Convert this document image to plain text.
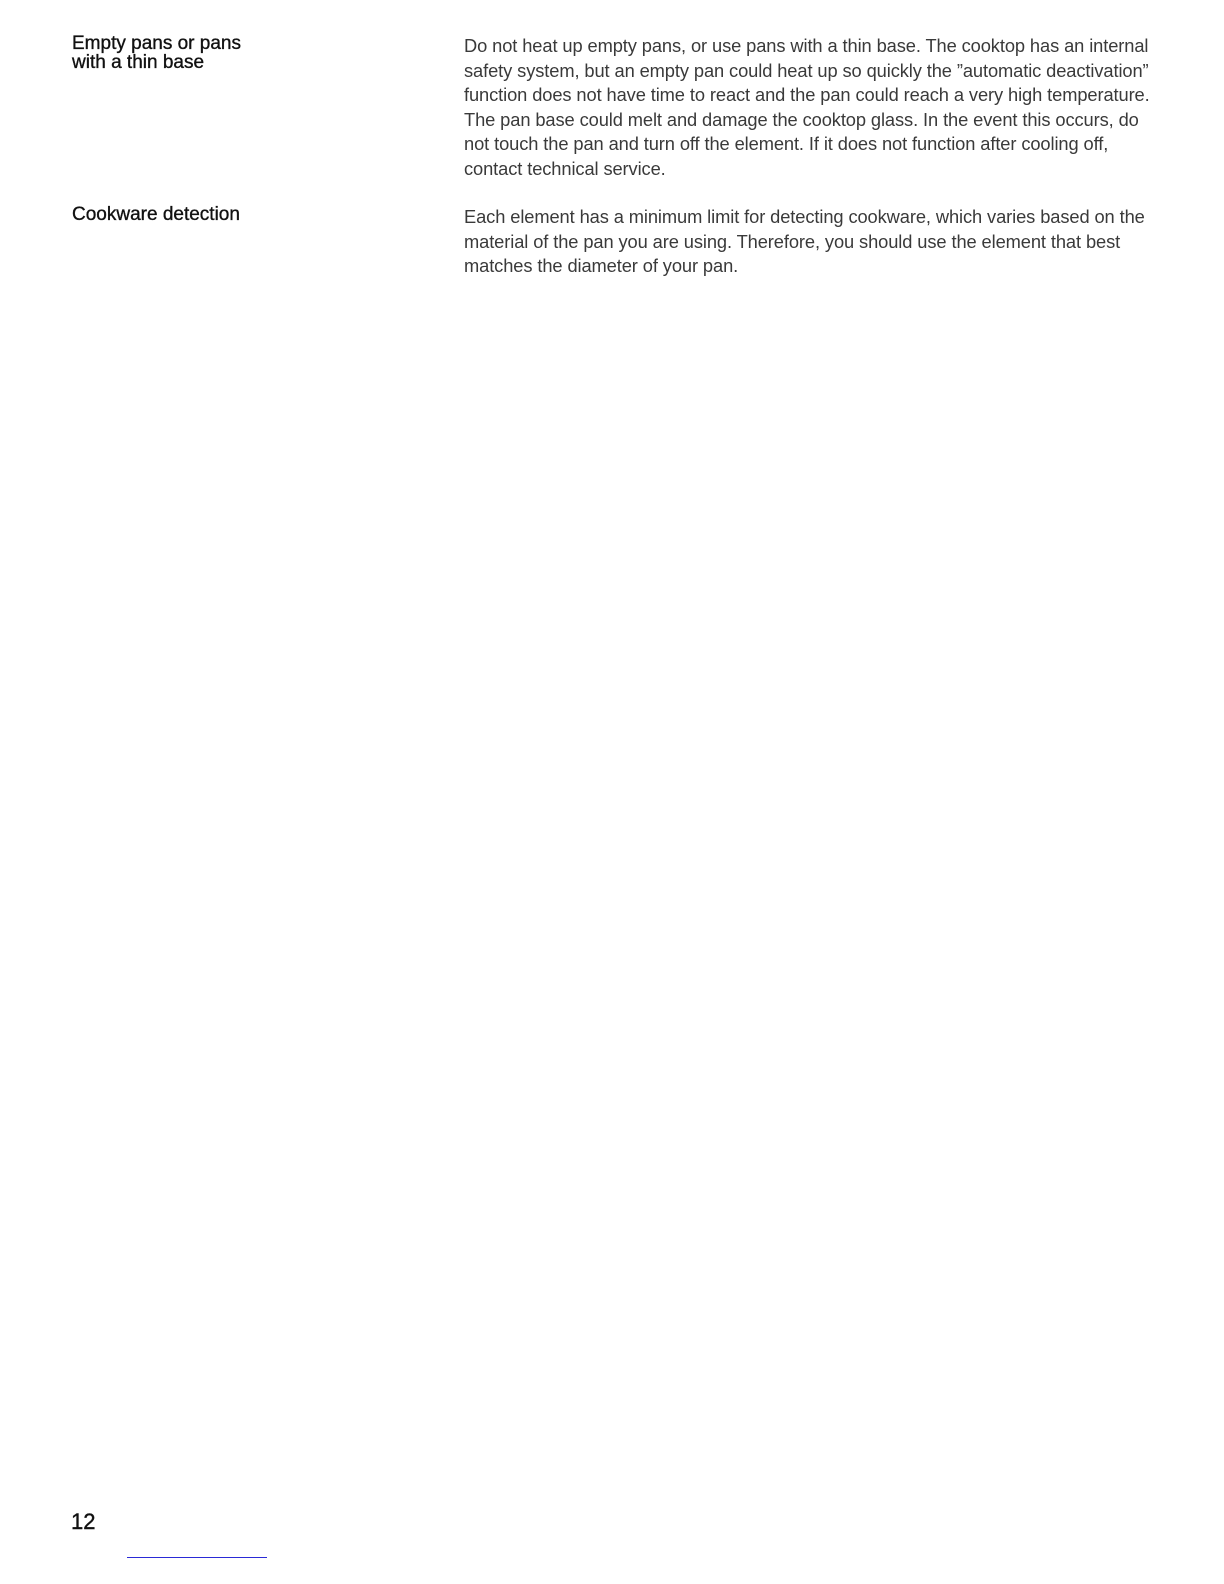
Empty pans or pans
with a thin base

Do not heat up empty pans, or use pans with a thin base. The cooktop has an internal safety system, but an empty pan could heat up so quickly the ”automatic deactivation” function does not have time to react and the pan could reach a very high temperature. The pan base could melt and damage the cooktop glass. In the event this occurs, do not touch the pan and turn off the element. If it does not function after cooling off, contact technical service.

Cookware detection	Each element has a minimum limit for detecting cookware, which varies based on the material of the pan you are using. Therefore, you should use the element that best matches the diameter of your pan.

12
